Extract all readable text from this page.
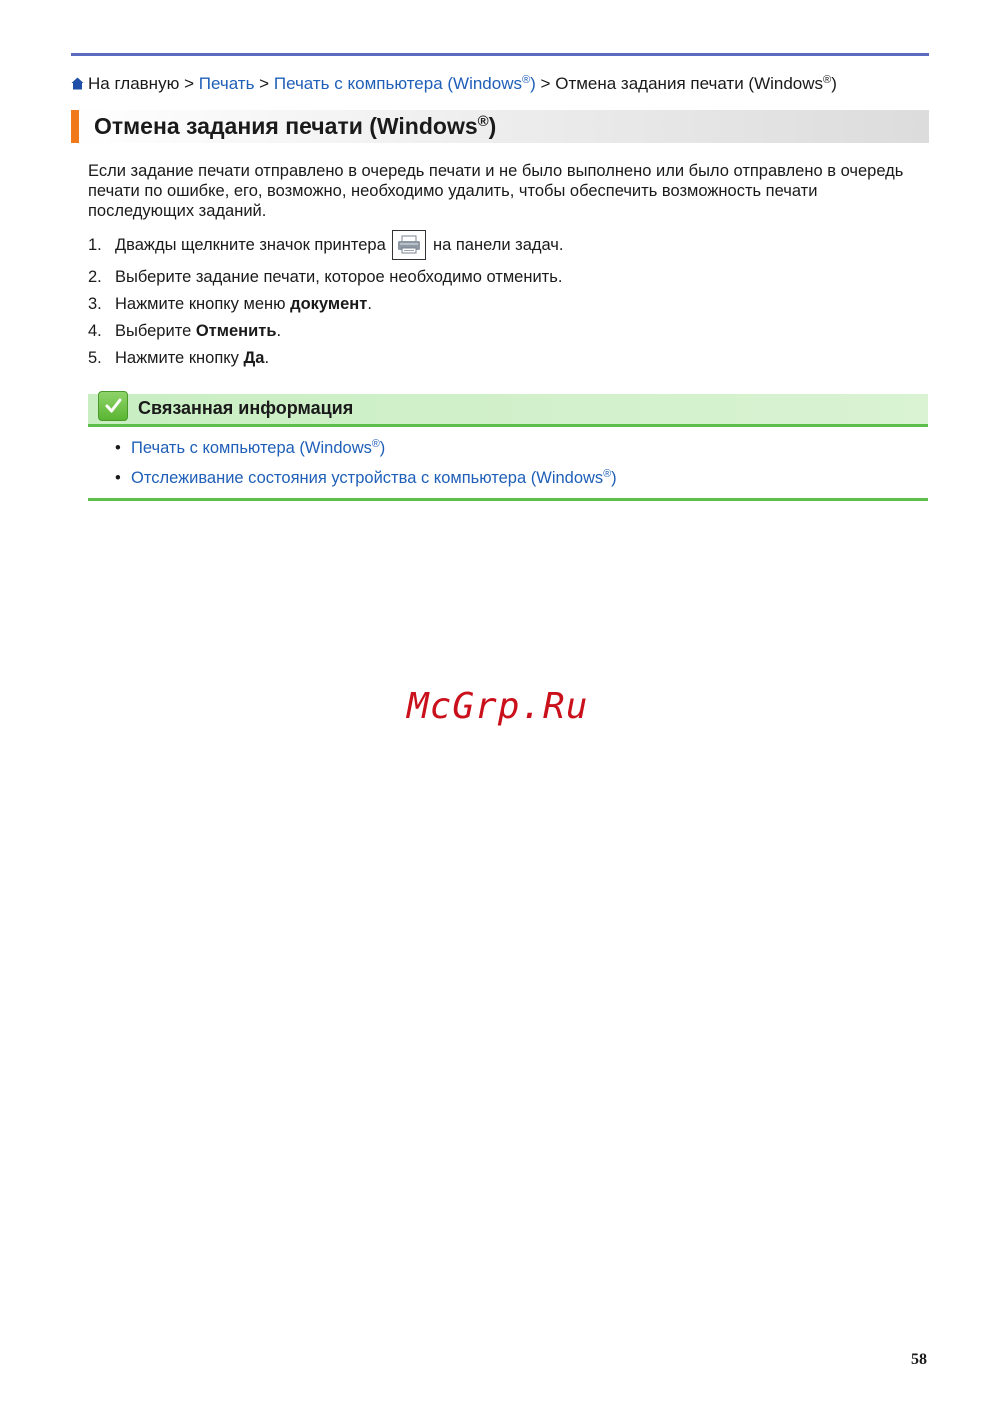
На главную > Печать > Печать с компьютера (Windows®) > Отмена задания печати (Windows®)
Отмена задания печати (Windows®)
Если задание печати отправлено в очередь печати и не было выполнено или было отправлено в очередь печати по ошибке, его, возможно, необходимо удалить, чтобы обеспечить возможность печати последующих заданий.
1. Дважды щелкните значок принтера	на панели задач.
2. Выберите задание печати, которое необходимо отменить.
3. Нажмите кнопку меню документ.
4. Выберите Отменить.
5. Нажмите кнопку Да.
Связанная информация
• Печать с компьютера (Windows®)
• Отслеживание состояния устройства с компьютера (Windows®)
McGrp.Ru
58
